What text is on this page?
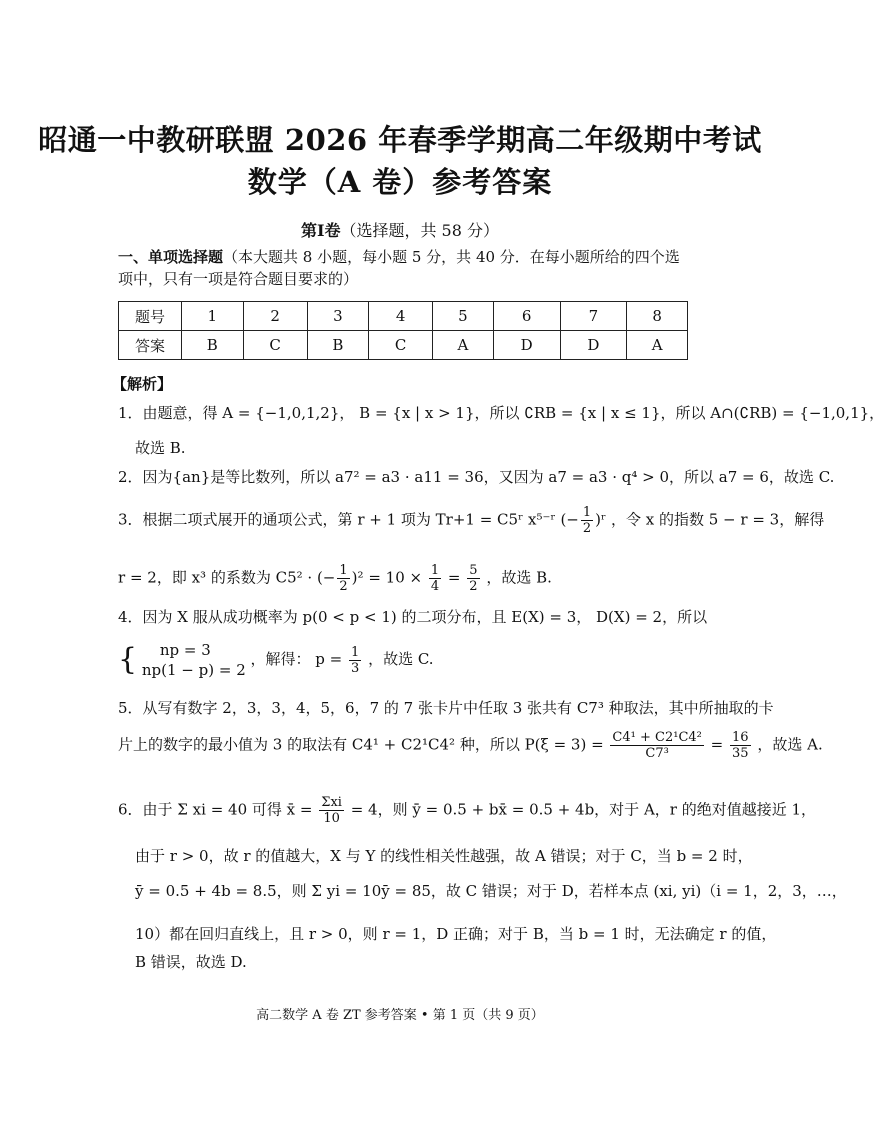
昭通一中教研联盟 2026 年春季学期高二年级期中考试
数学（A 卷）参考答案
第Ⅰ卷（选择题，共 58 分）
一、单项选择题（本大题共 8 小题，每小题 5 分，共 40 分．在每小题所给的四个选项中，只有一项是符合题目要求的）
题号	1	2	3	4	5	6	7	8
答案	B	C	B	C	A	D	D	A
【解析】
1．由题意，得 A = {−1,0,1,2}， B = {x | x > 1}，所以 ∁RB = {x | x ≤ 1}，所以 A∩(∁RB) = {−1,0,1}，
故选 B.
2．因为{an}是等比数列，所以 a7² = a3 · a11 = 36，又因为 a7 = a3 · q⁴ > 0，所以 a7 = 6，故选 C.
3．根据二项式展开的通项公式，第 r + 1 项为 Tr+1 = C5ʳ x⁵⁻ʳ (− $\frac{1}{2}$ )ʳ ，令 x 的指数 5 − r = 3，解得
r = 2，即 x³ 的系数为 C5² · (− $\frac{1}{2} )^2 = 10 \times \frac{1}{4} = \frac{5}{2}$ ，故选 B.
4．因为 X 服从成功概率为 p(0 < p < 1) 的二项分布，且 E(X) = 3， D(X) = 2，所以
{	np = 3
np(1 − p) = 2
，解得： $p = \frac{1}{3}$ ，故选 C.
5．从写有数字 2，3，3，4，5，6，7 的 7 张卡片中任取 3 张共有 C7³ 种取法，其中所抽取的卡
片上的数字的最小值为 3 的取法有 C4¹ + C2¹C4² 种，所以 $P(\xi = 3) = \frac{\text{C4¹ + C2¹C4²}}{\text{C7³}} = \frac{16}{35}$ ，故选 A.
6．由于 Σ xi = 40 可得 x̄ = $\frac{\text{Σxi}}{10} = 4$，则 ȳ = 0.5 + bx̄ = 0.5 + 4b，对于 A，r 的绝对值越接近 1，
由于 r > 0，故 r 的值越大，X 与 Y 的线性相关性越强，故 A 错误；对于 C，当 b = 2 时，
ȳ = 0.5 + 4b = 8.5，则 Σ yi = 10ȳ = 85，故 C 错误；对于 D，若样本点 (xi, yi)（i = 1，2，3，…，
10）都在回归直线上，且 r > 0，则 r = 1，D 正确；对于 B，当 b = 1 时，无法确定 r 的值，
B 错误，故选 D.
高二数学 A 卷 ZT 参考答案 • 第 1 页（共 9 页）
